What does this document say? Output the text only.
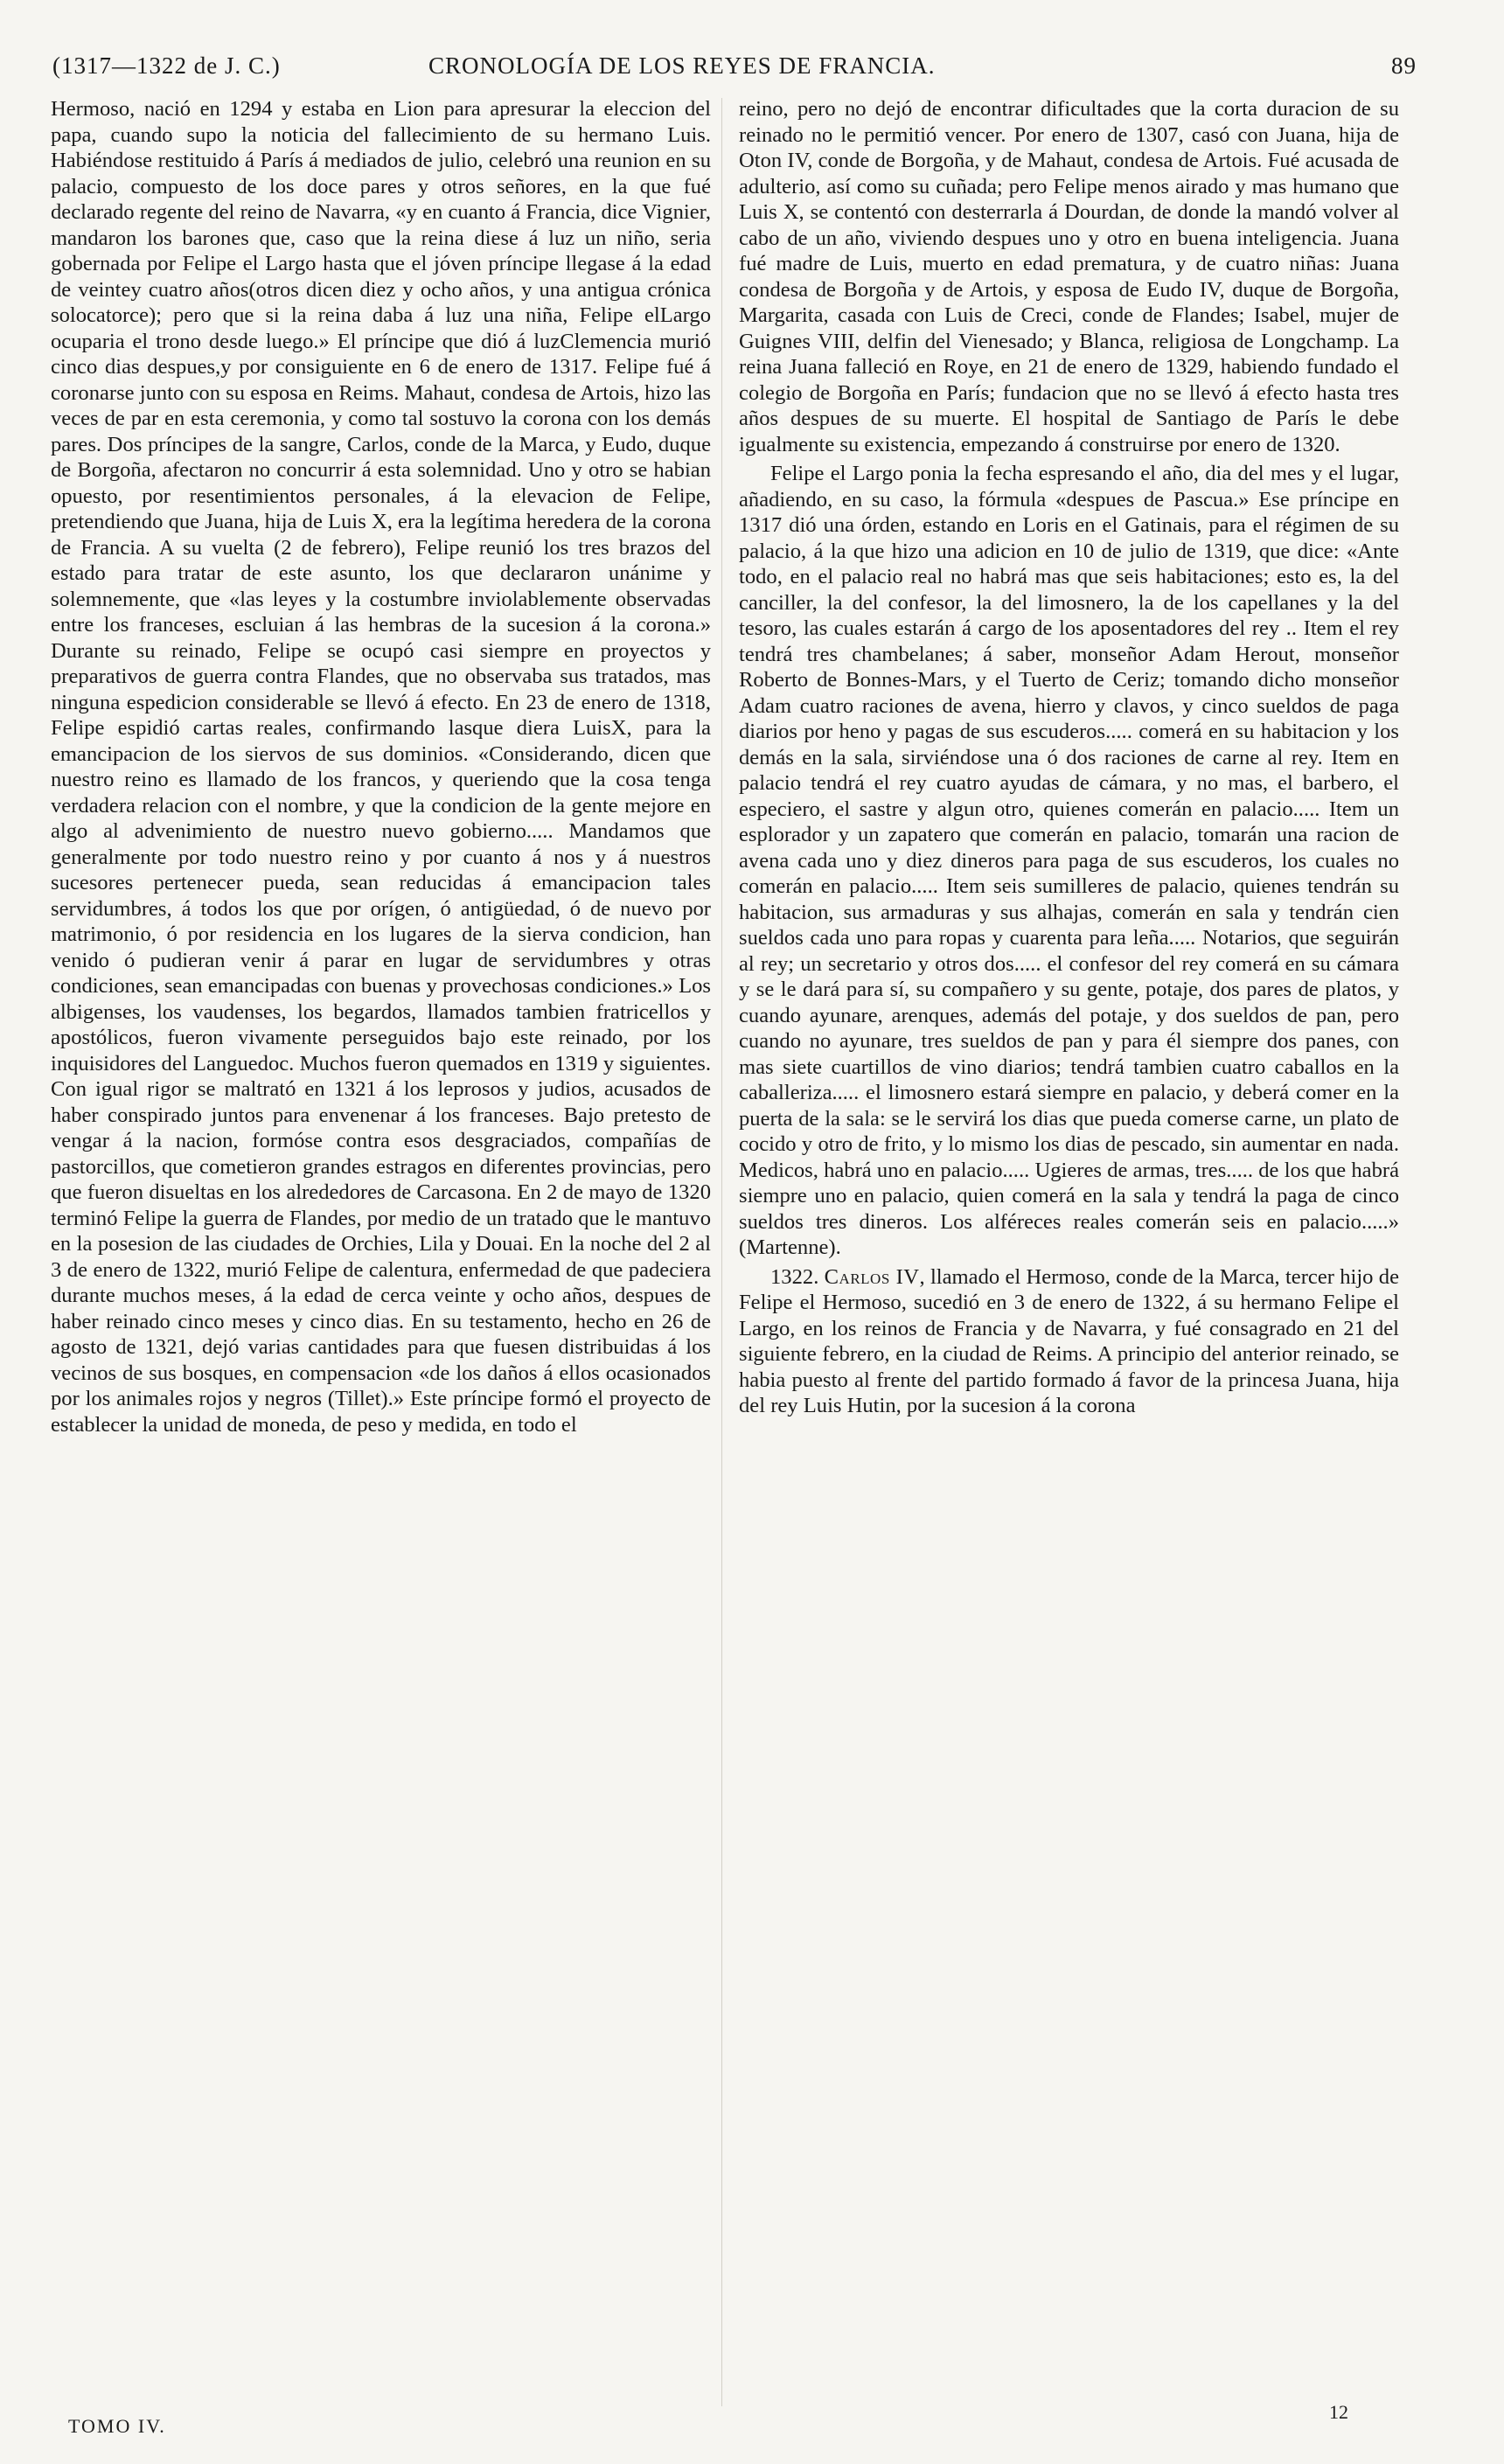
(1317—1322 de J. C.)	CRONOLOGÍA DE LOS REYES DE FRANCIA.	89

Hermoso, nació en 1294 y estaba en Lion para apresurar la eleccion del papa, cuando supo la noticia del fallecimiento de su hermano Luis. Habiéndose restituido á París á mediados de julio, celebró una reunion en su palacio, compuesto de los doce pares y otros señores, en la que fué declarado regente del reino de Navarra, «y en cuanto á Francia, dice Vignier, mandaron los barones que, caso que la reina diese á luz un niño, seria gobernada por Felipe el Largo hasta que el jóven príncipe llegase á la edad de veintey cuatro años(otros dicen diez y ocho años, y una antigua crónica solocatorce); pero que si la reina daba á luz una niña, Felipe elLargo ocuparia el trono desde luego.» El príncipe que dió á luzClemencia murió cinco dias despues,y por consiguiente en 6 de enero de 1317. Felipe fué á coronarse junto con su esposa en Reims. Mahaut, condesa de Artois, hizo las veces de par en esta ceremonia, y como tal sostuvo la corona con los demás pares. Dos príncipes de la sangre, Carlos, conde de la Marca, y Eudo, duque de Borgoña, afectaron no concurrir á esta solemnidad. Uno y otro se habian opuesto, por resentimientos personales, á la elevacion de Felipe, pretendiendo que Juana, hija de Luis X, era la legítima heredera de la corona de Francia. A su vuelta (2 de febrero), Felipe reunió los tres brazos del estado para tratar de este asunto, los que declararon unánime y solemnemente, que «las leyes y la costumbre inviolablemente observadas entre los franceses, escluian á las hembras de la sucesion á la corona.» Durante su reinado, Felipe se ocupó casi siempre en proyectos y preparativos de guerra contra Flandes, que no observaba sus tratados, mas ninguna espedicion considerable se llevó á efecto. En 23 de enero de 1318, Felipe espidió cartas reales, confirmando lasque diera LuisX, para la emancipacion de los siervos de sus dominios. «Considerando, dicen que nuestro reino es llamado de los francos, y queriendo que la cosa tenga verdadera relacion con el nombre, y que la condicion de la gente mejore en algo al advenimiento de nuestro nuevo gobierno..... Mandamos que generalmente por todo nuestro reino y por cuanto á nos y á nuestros sucesores pertenecer pueda, sean reducidas á emancipacion tales servidumbres, á todos los que por orígen, ó antigüedad, ó de nuevo por matrimonio, ó por residencia en los lugares de la sierva condicion, han venido ó pudieran venir á parar en lugar de servidumbres y otras condiciones, sean emancipadas con buenas y provechosas condiciones.» Los albigenses, los vaudenses, los begardos, llamados tambien fratricellos y apostólicos, fueron vivamente perseguidos bajo este reinado, por los inquisidores del Languedoc. Muchos fueron quemados en 1319 y siguientes. Con igual rigor se maltrató en 1321 á los leprosos y judios, acusados de haber conspirado juntos para envenenar á los franceses. Bajo pretesto de vengar á la nacion, formóse contra esos desgraciados, compañías de pastorcillos, que cometieron grandes estragos en diferentes provincias, pero que fueron disueltas en los alrededores de Carcasona. En 2 de mayo de 1320 terminó Felipe la guerra de Flandes, por medio de un tratado que le mantuvo en la posesion de las ciudades de Orchies, Lila y Douai. En la noche del 2 al 3 de enero de 1322, murió Felipe de calentura, enfermedad de que padeciera durante muchos meses, á la edad de cerca veinte y ocho años, despues de haber reinado cinco meses y cinco dias. En su testamento, hecho en 26 de agosto de 1321, dejó varias cantidades para que fuesen distribuidas á los vecinos de sus bosques, en compensacion «de los daños á ellos ocasionados por los animales rojos y negros (Tillet).» Este príncipe formó el proyecto de establecer la unidad de moneda, de peso y medida, en todo el

reino, pero no dejó de encontrar dificultades que la corta duracion de su reinado no le permitió vencer. Por enero de 1307, casó con Juana, hija de Oton IV, conde de Borgoña, y de Mahaut, condesa de Artois. Fué acusada de adulterio, así como su cuñada; pero Felipe menos airado y mas humano que Luis X, se contentó con desterrarla á Dourdan, de donde la mandó volver al cabo de un año, viviendo despues uno y otro en buena inteligencia. Juana fué madre de Luis, muerto en edad prematura, y de cuatro niñas: Juana condesa de Borgoña y de Artois, y esposa de Eudo IV, duque de Borgoña, Margarita, casada con Luis de Creci, conde de Flandes; Isabel, mujer de Guignes VIII, delfin del Vienesado; y Blanca, religiosa de Longchamp. La reina Juana falleció en Roye, en 21 de enero de 1329, habiendo fundado el colegio de Borgoña en París; fundacion que no se llevó á efecto hasta tres años despues de su muerte. El hospital de Santiago de París le debe igualmente su existencia, empezando á construirse por enero de 1320.

Felipe el Largo ponia la fecha espresando el año, dia del mes y el lugar, añadiendo, en su caso, la fórmula «despues de Pascua.» Ese príncipe en 1317 dió una órden, estando en Loris en el Gatinais, para el régimen de su palacio, á la que hizo una adicion en 10 de julio de 1319, que dice: «Ante todo, en el palacio real no habrá mas que seis habitaciones; esto es, la del canciller, la del confesor, la del limosnero, la de los capellanes y la del tesoro, las cuales estarán á cargo de los aposentadores del rey .. Item el rey tendrá tres chambelanes; á saber, monseñor Adam Herout, monseñor Roberto de Bonnes-Mars, y el Tuerto de Ceriz; tomando dicho monseñor Adam cuatro raciones de avena, hierro y clavos, y cinco sueldos de paga diarios por heno y pagas de sus escuderos..... comerá en su habitacion y los demás en la sala, sirviéndose una ó dos raciones de carne al rey. Item en palacio tendrá el rey cuatro ayudas de cámara, y no mas, el barbero, el especiero, el sastre y algun otro, quienes comerán en palacio..... Item un esplorador y un zapatero que comerán en palacio, tomarán una racion de avena cada uno y diez dineros para paga de sus escuderos, los cuales no comerán en palacio..... Item seis sumilleres de palacio, quienes tendrán su habitacion, sus armaduras y sus alhajas, comerán en sala y tendrán cien sueldos cada uno para ropas y cuarenta para leña..... Notarios, que seguirán al rey; un secretario y otros dos..... el confesor del rey comerá en su cámara y se le dará para sí, su compañero y su gente, potaje, dos pares de platos, y cuando ayunare, arenques, además del potaje, y dos sueldos de pan, pero cuando no ayunare, tres sueldos de pan y para él siempre dos panes, con mas siete cuartillos de vino diarios; tendrá tambien cuatro caballos en la caballeriza..... el limosnero estará siempre en palacio, y deberá comer en la puerta de la sala: se le servirá los dias que pueda comerse carne, un plato de cocido y otro de frito, y lo mismo los dias de pescado, sin aumentar en nada. Medicos, habrá uno en palacio..... Ugieres de armas, tres..... de los que habrá siempre uno en palacio, quien comerá en la sala y tendrá la paga de cinco sueldos tres dineros. Los alféreces reales comerán seis en palacio.....» (Martenne).

1322. Carlos IV, llamado el Hermoso, conde de la Marca, tercer hijo de Felipe el Hermoso, sucedió en 3 de enero de 1322, á su hermano Felipe el Largo, en los reinos de Francia y de Navarra, y fué consagrado en 21 del siguiente febrero, en la ciudad de Reims. A principio del anterior reinado, se habia puesto al frente del partido formado á favor de la princesa Juana, hija del rey Luis Hutin, por la sucesion á la corona

TOMO IV.
12
